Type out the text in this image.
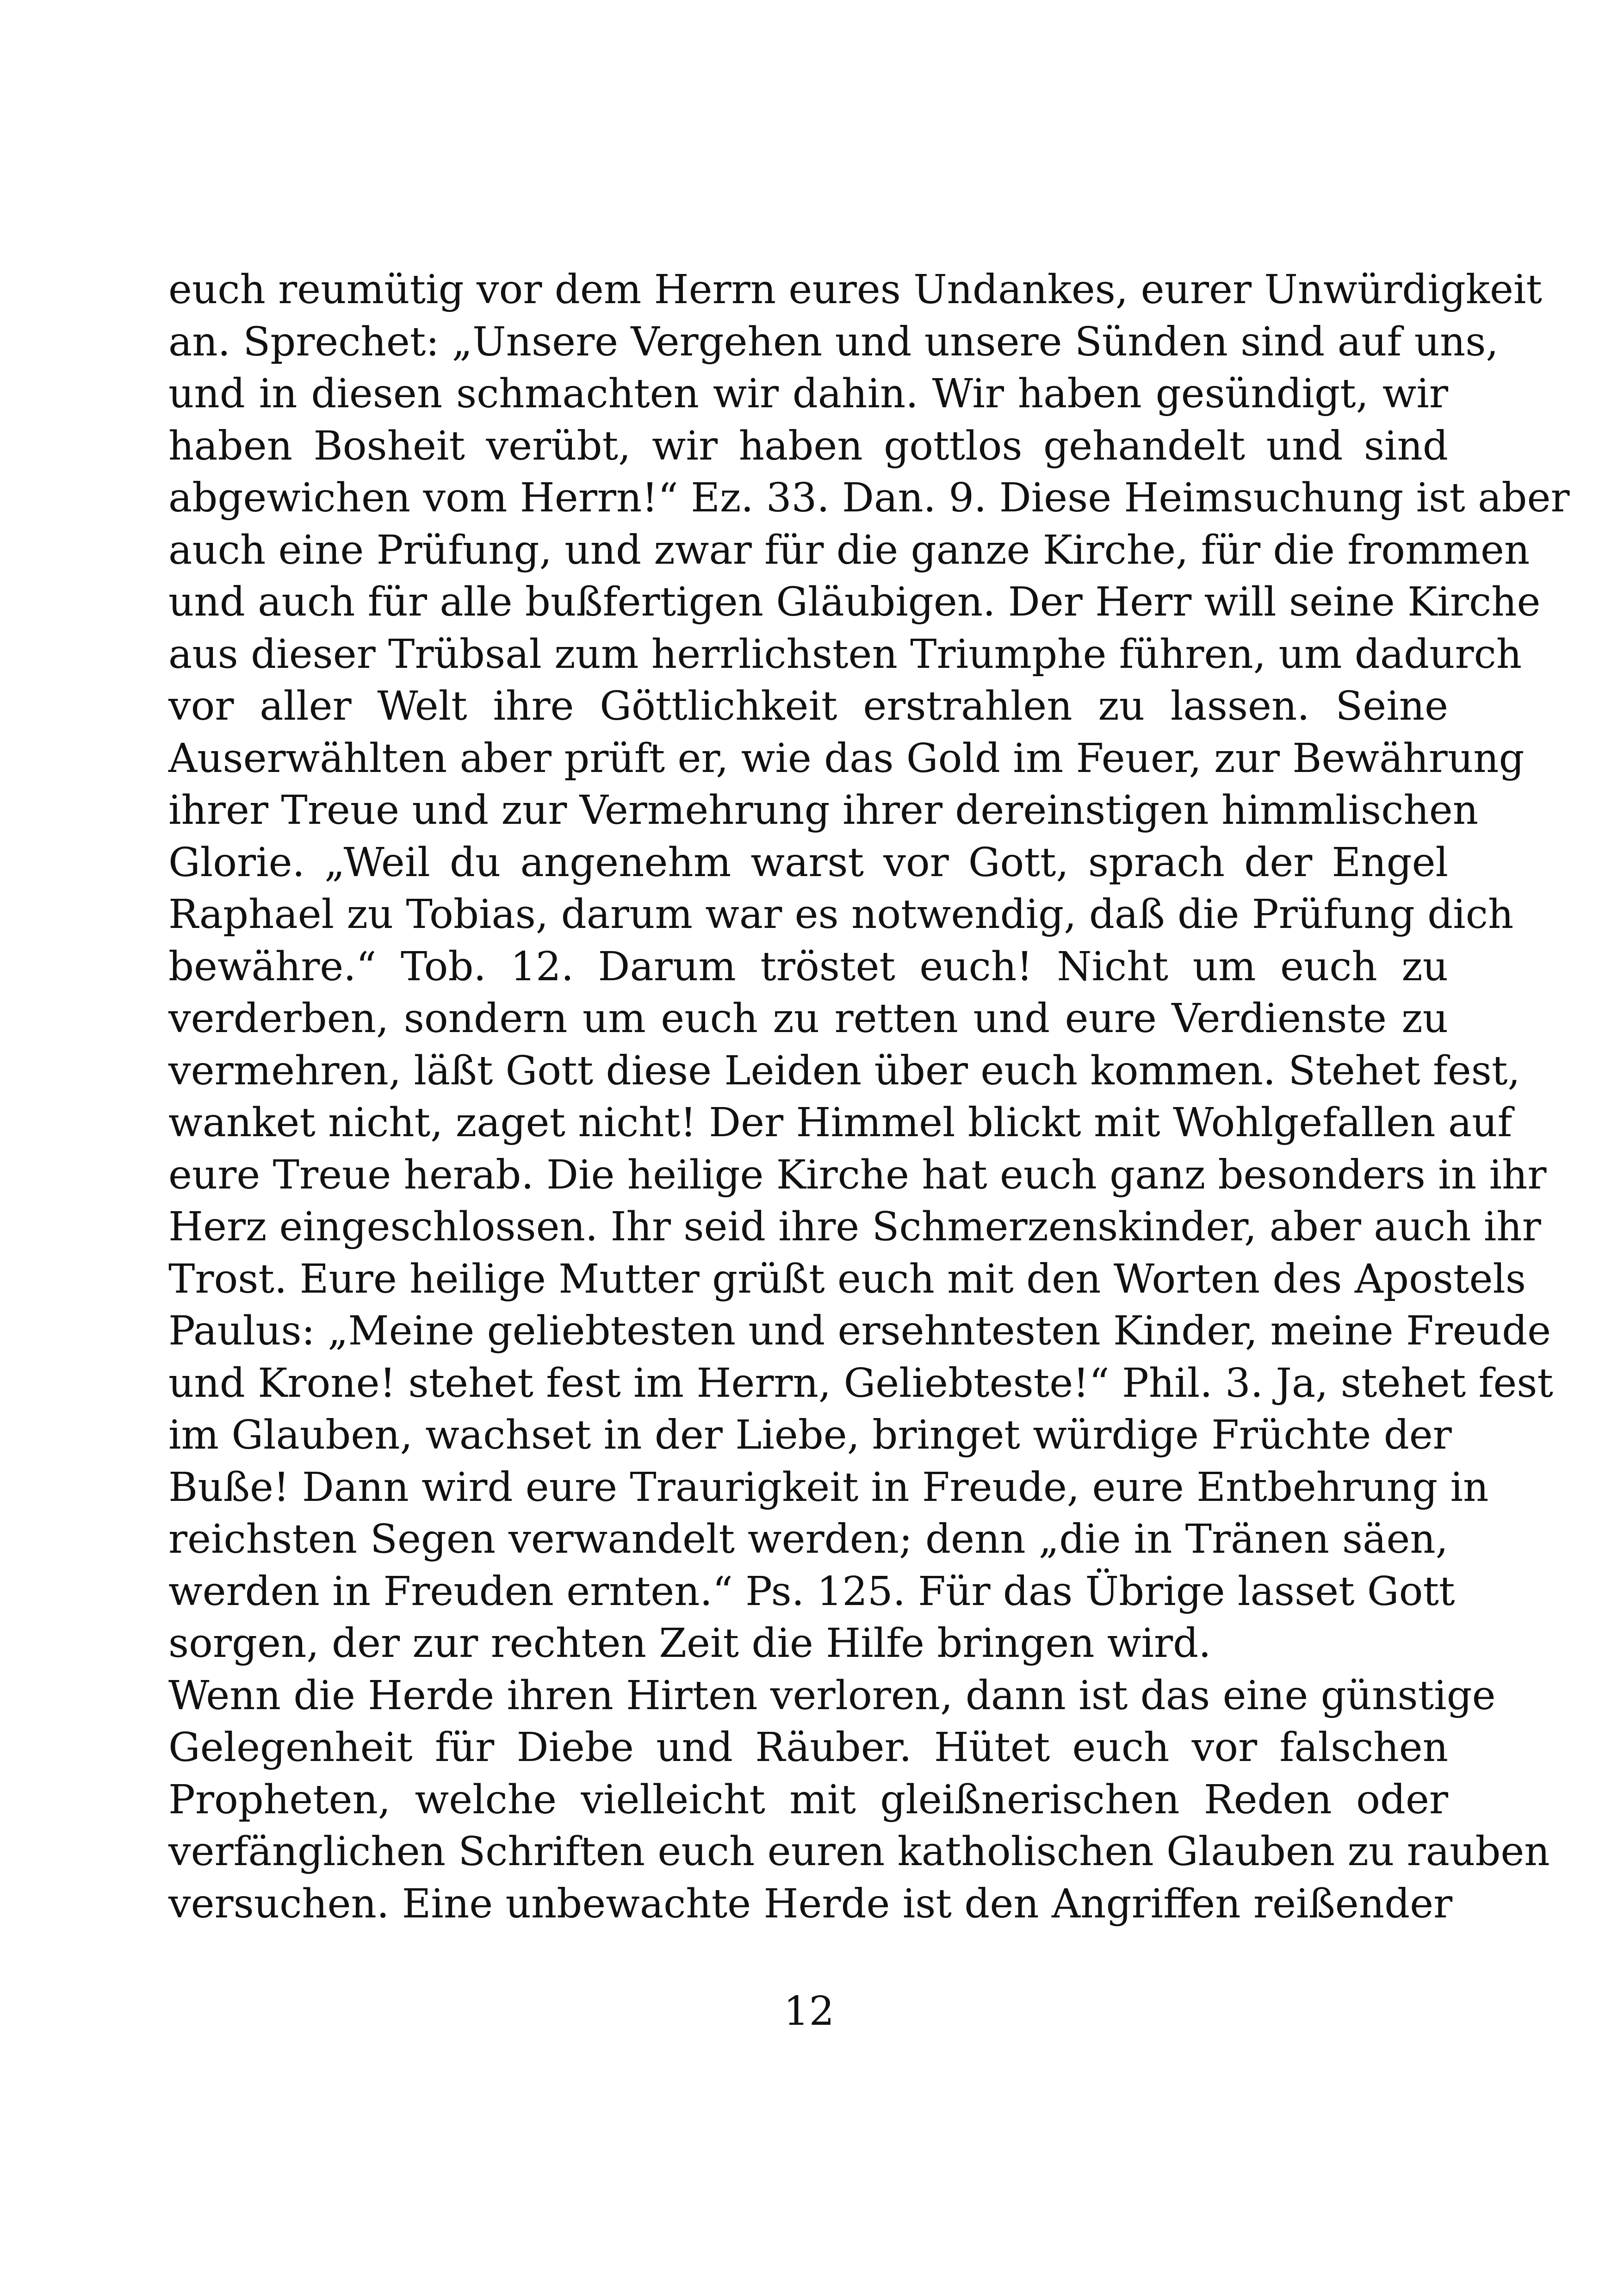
euch reumütig vor dem Herrn eures Undankes, eurer Unwürdigkeit
an. Sprechet: „Unsere Vergehen und unsere Sünden sind auf uns,
und in diesen schmachten wir dahin. Wir haben gesündigt, wir
haben Bosheit verübt, wir haben gottlos gehandelt und sind
abgewichen vom Herrn!“ Ez. 33. Dan. 9. Diese Heimsuchung ist aber
auch eine Prüfung, und zwar für die ganze Kirche, für die frommen
und auch für alle bußfertigen Gläubigen. Der Herr will seine Kirche
aus dieser Trübsal zum herrlichsten Triumphe führen, um dadurch
vor aller Welt ihre Göttlichkeit erstrahlen zu lassen. Seine
Auserwählten aber prüft er, wie das Gold im Feuer, zur Bewährung
ihrer Treue und zur Vermehrung ihrer dereinstigen himmlischen
Glorie. „Weil du angenehm warst vor Gott, sprach der Engel
Raphael zu Tobias, darum war es notwendig, daß die Prüfung dich
bewähre.“ Tob. 12. Darum tröstet euch! Nicht um euch zu
verderben, sondern um euch zu retten und eure Verdienste zu
vermehren, läßt Gott diese Leiden über euch kommen. Stehet fest,
wanket nicht, zaget nicht! Der Himmel blickt mit Wohlgefallen auf
eure Treue herab. Die heilige Kirche hat euch ganz besonders in ihr
Herz eingeschlossen. Ihr seid ihre Schmerzenskinder, aber auch ihr
Trost. Eure heilige Mutter grüßt euch mit den Worten des Apostels
Paulus: „Meine geliebtesten und ersehntesten Kinder, meine Freude
und Krone! stehet fest im Herrn, Geliebteste!“ Phil. 3. Ja, stehet fest
im Glauben, wachset in der Liebe, bringet würdige Früchte der
Buße! Dann wird eure Traurigkeit in Freude, eure Entbehrung in
reichsten Segen verwandelt werden; denn „die in Tränen säen,
werden in Freuden ernten.“ Ps. 125. Für das Übrige lasset Gott
sorgen, der zur rechten Zeit die Hilfe bringen wird.
Wenn die Herde ihren Hirten verloren, dann ist das eine günstige
Gelegenheit für Diebe und Räuber. Hütet euch vor falschen
Propheten, welche vielleicht mit gleißnerischen Reden oder
verfänglichen Schriften euch euren katholischen Glauben zu rauben
versuchen. Eine unbewachte Herde ist den Angriffen reißender
12
